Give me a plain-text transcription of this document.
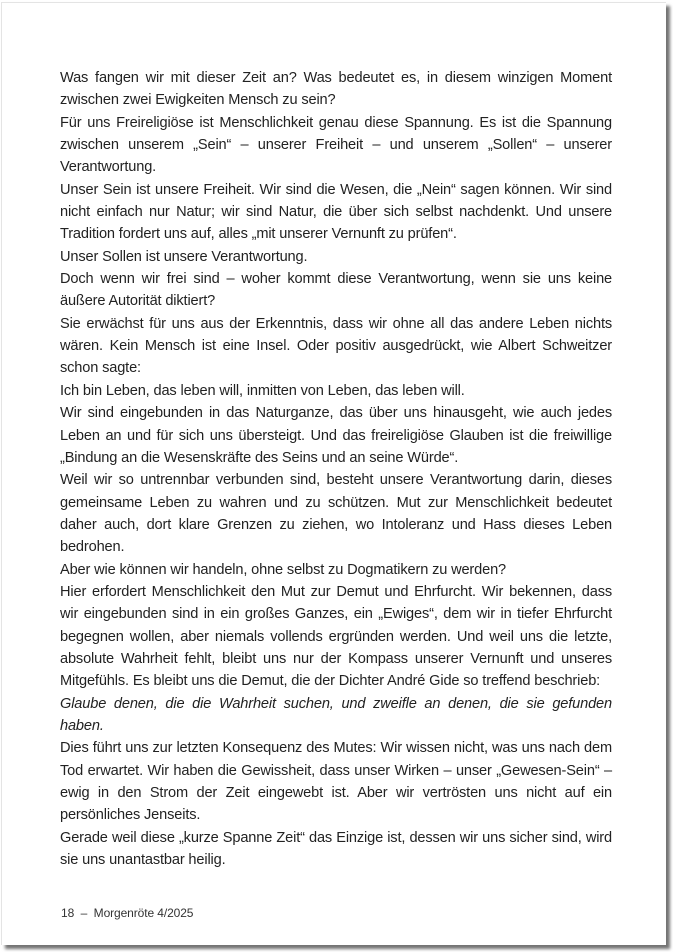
Was fangen wir mit dieser Zeit an? Was bedeutet es, in diesem winzigen Moment zwischen zwei Ewigkeiten Mensch zu sein?

Für uns Freireligiöse ist Menschlichkeit genau diese Spannung. Es ist die Spannung zwischen unserem „Sein“ – unserer Freiheit – und unserem „Sollen“ – unserer Verantwortung.

Unser Sein ist unsere Freiheit. Wir sind die Wesen, die „Nein“ sagen können. Wir sind nicht einfach nur Natur; wir sind Natur, die über sich selbst nachdenkt. Und unsere Tradition fordert uns auf, alles „mit unserer Vernunft zu prüfen“.

Unser Sollen ist unsere Verantwortung.

Doch wenn wir frei sind – woher kommt diese Verantwortung, wenn sie uns keine äußere Autorität diktiert?

Sie erwächst für uns aus der Erkenntnis, dass wir ohne all das andere Leben nichts wären. Kein Mensch ist eine Insel. Oder positiv ausgedrückt, wie Albert Schweitzer schon sagte:

Ich bin Leben, das leben will, inmitten von Leben, das leben will.

Wir sind eingebunden in das Naturganze, das über uns hinausgeht, wie auch jedes Leben an und für sich uns übersteigt. Und das freireligiöse Glauben ist die freiwillige „Bindung an die Wesenskräfte des Seins und an seine Würde“.

Weil wir so untrennbar verbunden sind, besteht unsere Verantwortung darin, dieses gemeinsame Leben zu wahren und zu schützen. Mut zur Menschlichkeit bedeutet daher auch, dort klare Grenzen zu ziehen, wo Intoleranz und Hass dieses Leben bedrohen.

Aber wie können wir handeln, ohne selbst zu Dogmatikern zu werden?

Hier erfordert Menschlichkeit den Mut zur Demut und Ehrfurcht. Wir bekennen, dass wir eingebunden sind in ein großes Ganzes, ein „Ewiges“, dem wir in tiefer Ehrfurcht begegnen wollen, aber niemals vollends ergründen werden. Und weil uns die letzte, absolute Wahrheit fehlt, bleibt uns nur der Kompass unserer Vernunft und unseres Mitgefühls. Es bleibt uns die Demut, die der Dichter André Gide so treffend beschrieb:

Glaube denen, die die Wahrheit suchen, und zweifle an denen, die sie gefunden haben.

Dies führt uns zur letzten Konsequenz des Mutes: Wir wissen nicht, was uns nach dem Tod erwartet. Wir haben die Gewissheit, dass unser Wirken – unser „Gewesen-Sein“ – ewig in den Strom der Zeit eingewebt ist. Aber wir vertrösten uns nicht auf ein persönliches Jenseits.

Gerade weil diese „kurze Spanne Zeit“ das Einzige ist, dessen wir uns sicher sind, wird sie uns unantastbar heilig.

18  –  Morgenröte 4/2025
